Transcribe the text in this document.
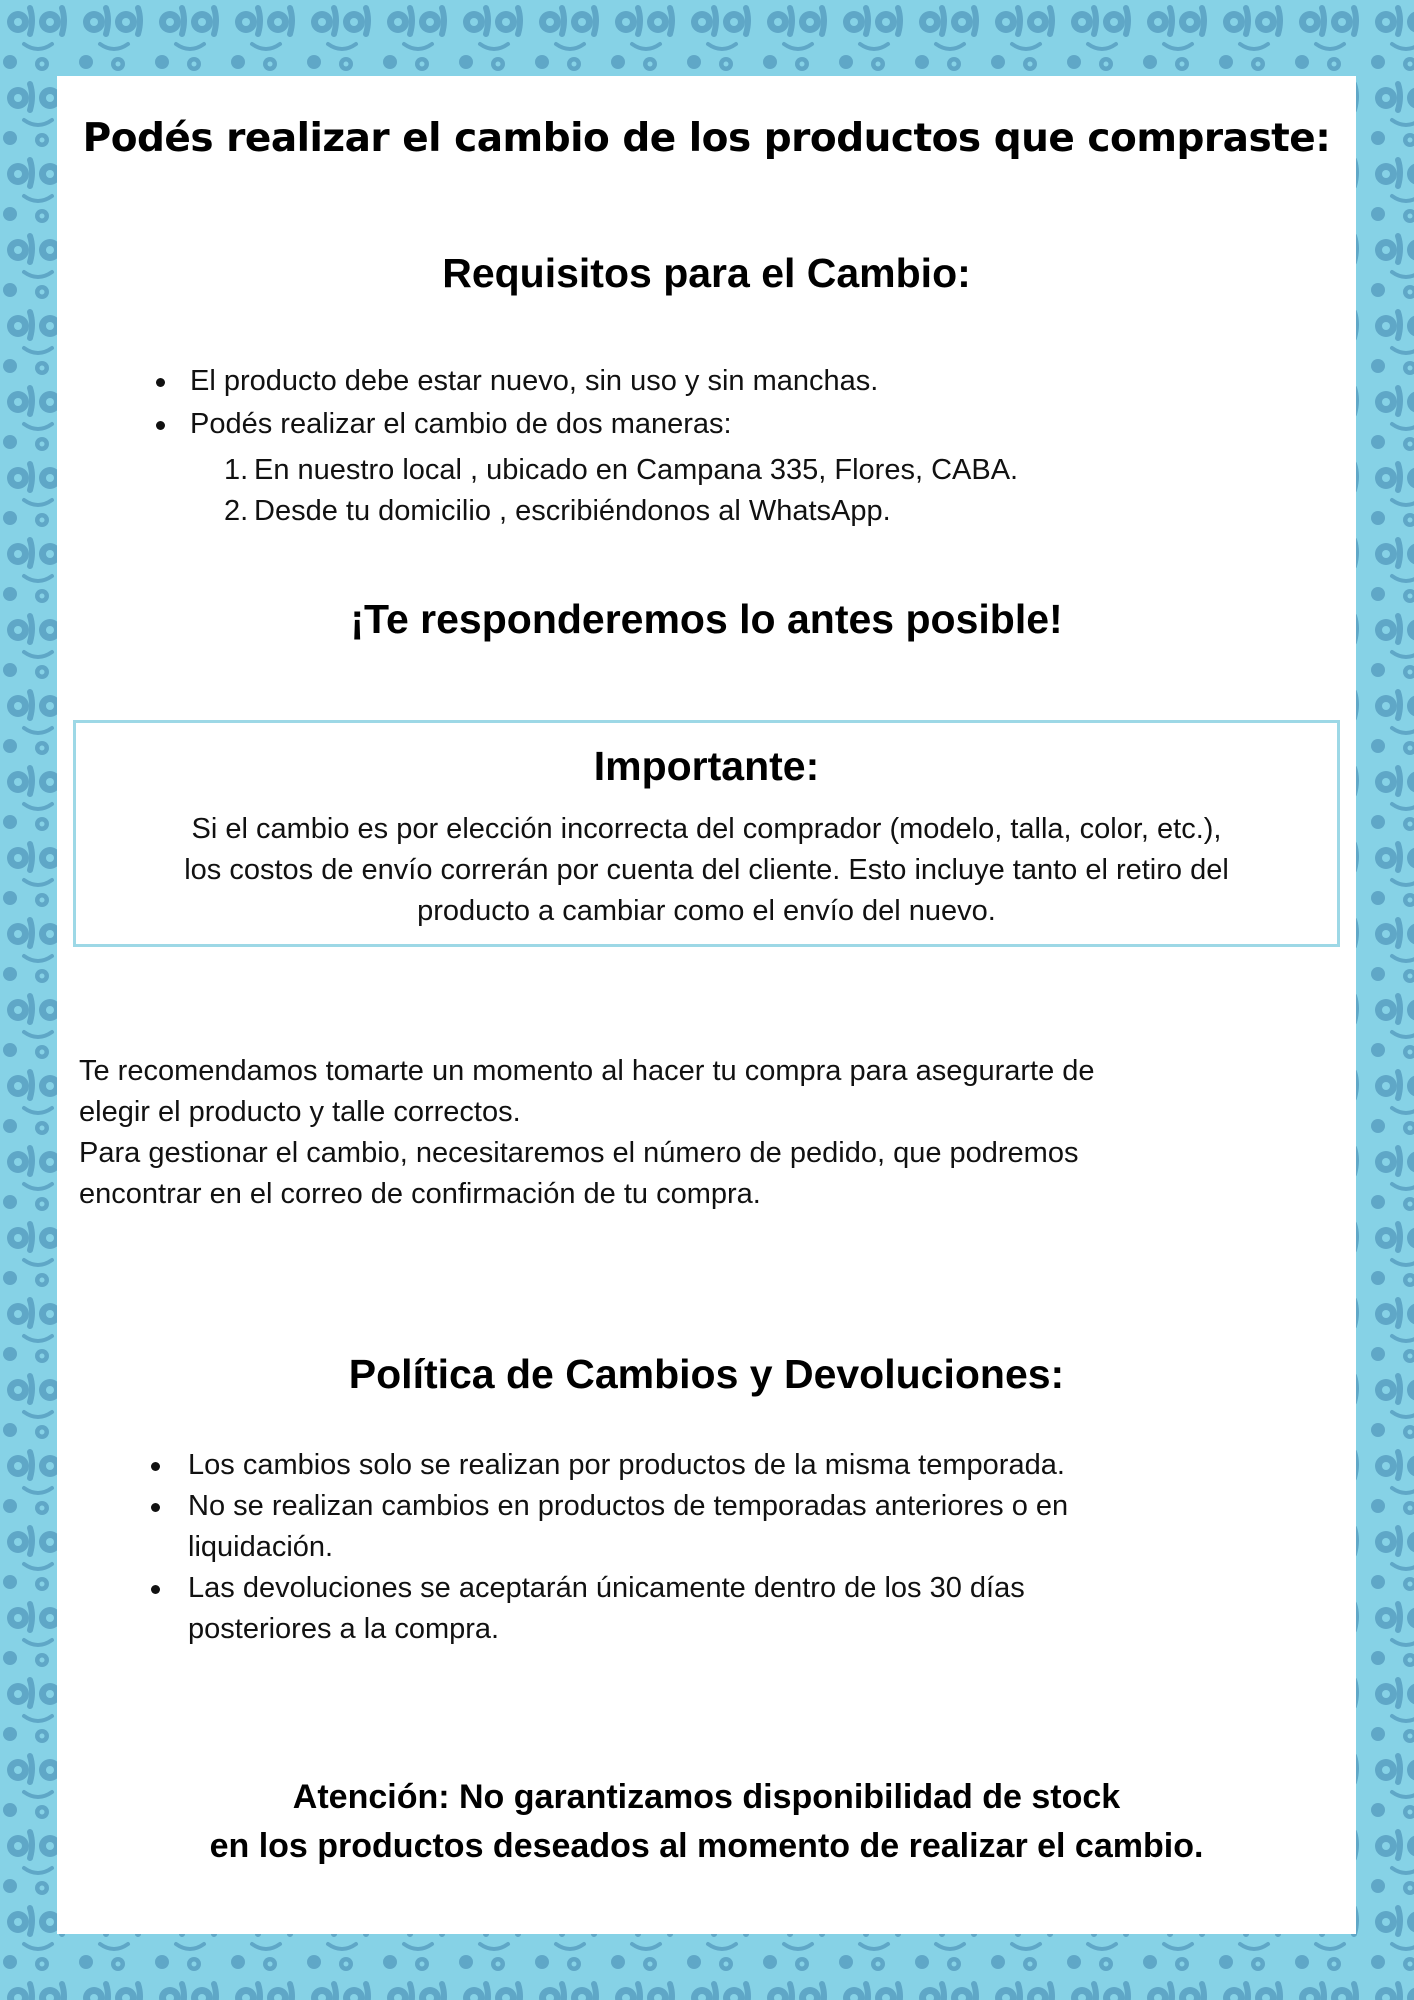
Podés realizar el cambio de los productos que compraste:
Requisitos para el Cambio:
El producto debe estar nuevo, sin uso y sin manchas.
Podés realizar el cambio de dos maneras:
1. En nuestro local , ubicado en Campana 335, Flores, CABA.
2. Desde tu domicilio , escribiéndonos al WhatsApp.
¡Te responderemos lo antes posible!
Importante:
Si el cambio es por elección incorrecta del comprador (modelo, talla, color, etc.),
los costos de envío correrán por cuenta del cliente. Esto incluye tanto el retiro del
producto a cambiar como el envío del nuevo.
Te recomendamos tomarte un momento al hacer tu compra para asegurarte de
elegir el producto y talle correctos.
Para gestionar el cambio, necesitaremos el número de pedido, que podremos
encontrar en el correo de confirmación de tu compra.
Política de Cambios y Devoluciones:
Los cambios solo se realizan por productos de la misma temporada.
No se realizan cambios en productos de temporadas anteriores o en
liquidación.
Las devoluciones se aceptarán únicamente dentro de los 30 días
posteriores a la compra.
Atención: No garantizamos disponibilidad de stock
en los productos deseados al momento de realizar el cambio.
